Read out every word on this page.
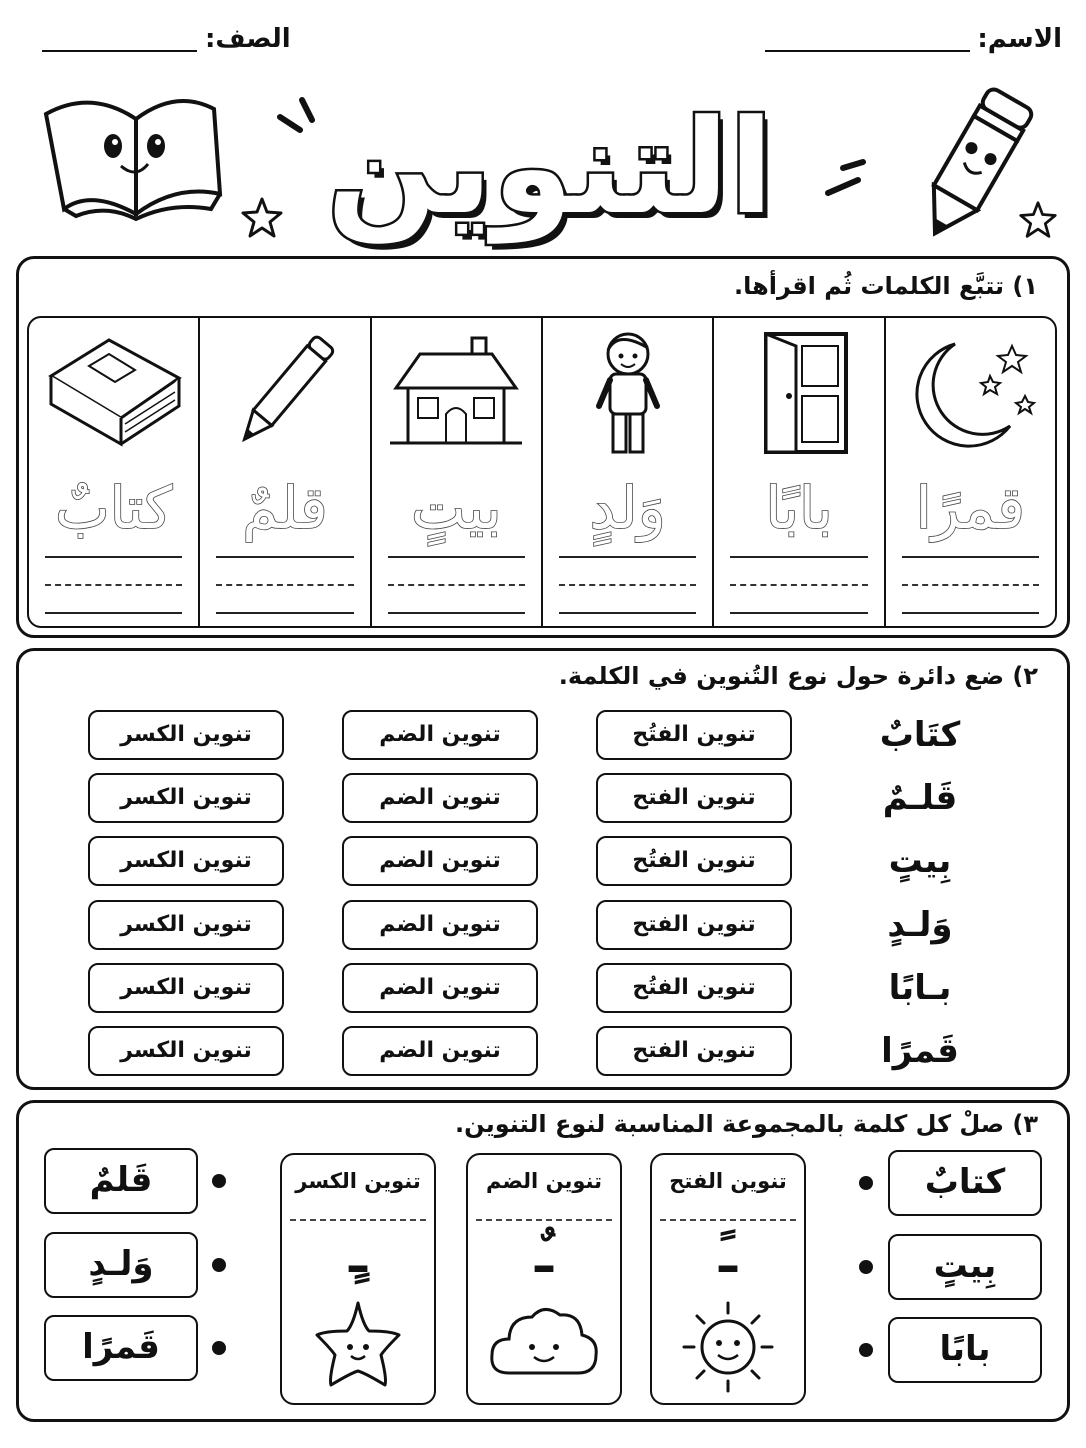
الاسم:
الصف:
التنوين
١) تتبَّع الكلمات ثُم اقرأها.
قمرًا
بابًا
وَلدٍ
بيتٍ
قلمٌ
كتابٌ
٢) ضع دائرة حول نوع التُنوين في الكلمة.
كتَابٌ
تنوين الفتُح
تنوين الضم
تنوين الكسر
قَلـمٌ
تنوين الفتح
تنوين الضم
تنوين الكسر
بِيتٍ
تنوين الفتُح
تنوين الضم
تنوين الكسر
وَلـدٍ
تنوين الفتح
تنوين الضم
تنوين الكسر
بـابًا
تنوين الفتُح
تنوين الضم
تنوين الكسر
قَمرًا
تنوين الفتح
تنوين الضم
تنوين الكسر
٣) صلْ كل كلمة بالمجموعة المناسبة لنوع التنوين.
كتابٌ
بِيتٍ
بابًا
قَلمٌ
وَلـدٍ
قَمرًا
تنوين الفتح
ـ
تنوين الضم
ـ
تنوين الكسر
ـ
